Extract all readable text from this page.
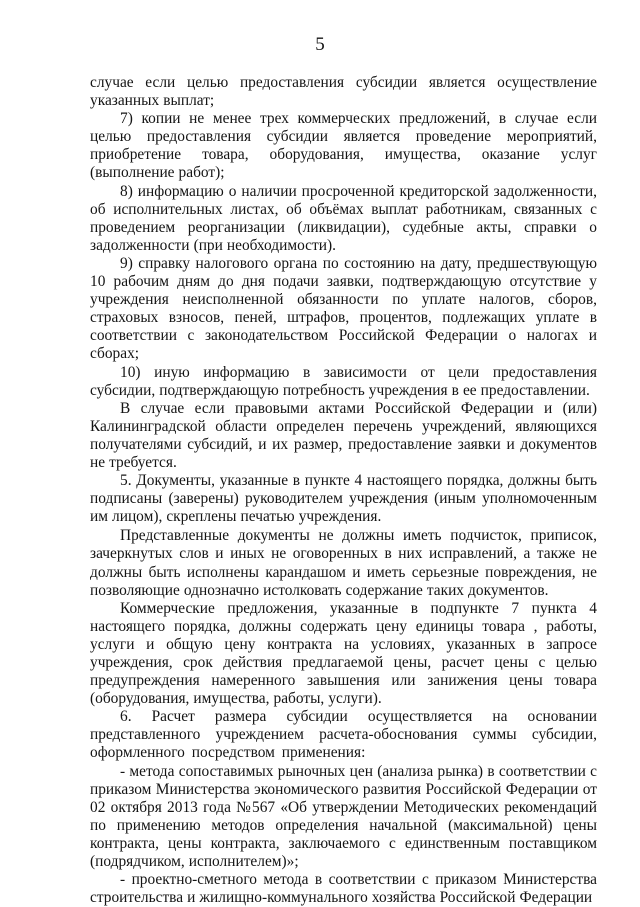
5

случае если целью предоставления субсидии является осуществление указанных выплат;

7) копии не менее трех коммерческих предложений, в случае если целью предоставления субсидии является проведение мероприятий, приобретение товара, оборудования, имущества, оказание услуг (выполнение работ);

8) информацию о наличии просроченной кредиторской задолженности, об исполнительных листах, об объёмах выплат работникам, связанных с проведением реорганизации (ликвидации), судебные акты, справки о задолженности (при необходимости).

9) справку налогового органа по состоянию на дату, предшествующую 10 рабочим дням до дня подачи заявки, подтверждающую отсутствие у учреждения неисполненной обязанности по уплате налогов, сборов, страховых взносов, пеней, штрафов, процентов, подлежащих уплате в соответствии с законодательством Российской Федерации о налогах и сборах;

10) иную информацию в зависимости от цели предоставления субсидии, подтверждающую потребность учреждения в ее предоставлении.

В случае если правовыми актами Российской Федерации и (или) Калининградской области определен перечень учреждений, являющихся получателями субсидий, и их размер, предоставление заявки и документов не требуется.

5. Документы, указанные в пункте 4 настоящего порядка, должны быть подписаны (заверены) руководителем учреждения (иным уполномоченным им лицом), скреплены печатью учреждения.

Представленные документы не должны иметь подчисток, приписок, зачеркнутых слов и иных не оговоренных в них исправлений, а также не должны быть исполнены карандашом и иметь серьезные повреждения, не позволяющие однозначно истолковать содержание таких документов.

Коммерческие предложения, указанные в подпункте 7 пункта 4 настоящего порядка, должны содержать цену единицы товара , работы, услуги и общую цену контракта на условиях, указанных в запросе учреждения, срок действия предлагаемой цены, расчет цены с целью предупреждения намеренного завышения или занижения цены товара (оборудования, имущества, работы, услуги).

6. Расчет размера субсидии осуществляется на основании представленного учреждением расчета-обоснования суммы субсидии, оформленного посредством применения:

- метода сопоставимых рыночных цен (анализа рынка) в соответствии с приказом Министерства экономического развития Российской Федерации от 02 октября 2013 года №567 «Об утверждении Методических рекомендаций по применению методов определения начальной (максимальной) цены контракта, цены контракта, заключаемого с единственным поставщиком (подрядчиком, исполнителем)»;

- проектно-сметного метода в соответствии с приказом Министерства строительства и жилищно-коммунального хозяйства Российской Федерации
